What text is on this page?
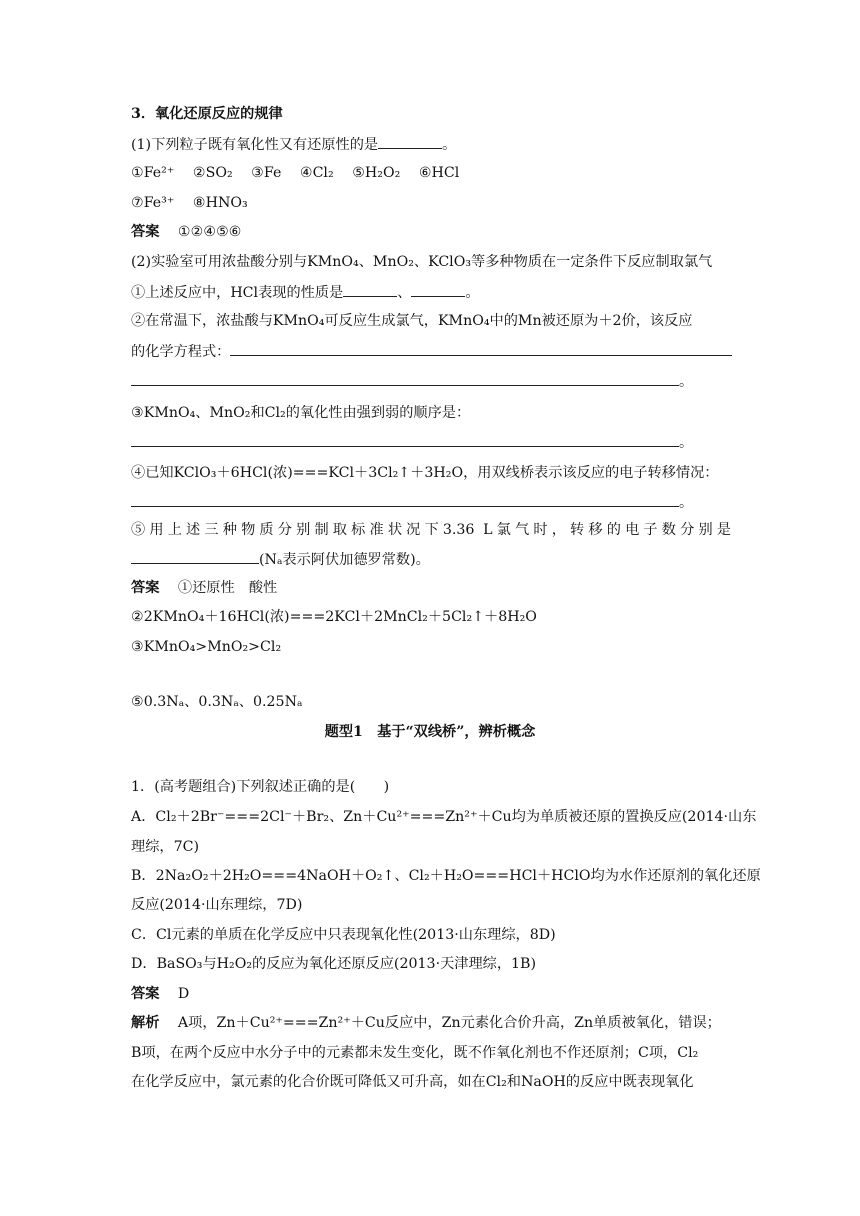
3．氧化还原反应的规律
(1)下列粒子既有氧化性又有还原性的是	。
①Fe²⁺ ②SO₂ ③Fe ④Cl₂ ⑤H₂O₂ ⑥HCl
⑦Fe³⁺ ⑧HNO₃
答案 ①②④⑤⑥
(2)实验室可用浓盐酸分别与KMnO₄、MnO₂、KClO₃等多种物质在一定条件下反应制取氯气
①上述反应中，HCl表现的性质是	、	。
②在常温下，浓盐酸与KMnO₄可反应生成氯气，KMnO₄中的Mn被还原为＋2价，该反应
的化学方程式：
。
③KMnO₄、MnO₂和Cl₂的氧化性由强到弱的顺序是：
。
④已知KClO₃＋6HCl(浓)===KCl＋3Cl₂↑＋3H₂O，用双线桥表示该反应的电子转移情况：
。
⑤用上述三种物质分别制取标准状况下3.36 L氯气时，转移的电子数分别是
(Nₐ表示阿伏加德罗常数)。
答案 ①还原性　酸性
②2KMnO₄＋16HCl(浓)===2KCl＋2MnCl₂＋5Cl₂↑＋8H₂O
③KMnO₄>MnO₂>Cl₂
⑤0.3Nₐ、0.3Nₐ、0.25Nₐ
题型1　基于“双线桥”，辨析概念
1．(高考题组合)下列叙述正确的是(　　)
A．Cl₂＋2Br⁻===2Cl⁻＋Br₂、Zn＋Cu²⁺===Zn²⁺＋Cu均为单质被还原的置换反应(2014·山东
理综，7C)
B．2Na₂O₂＋2H₂O===4NaOH＋O₂↑、Cl₂＋H₂O===HCl＋HClO均为水作还原剂的氧化还原
反应(2014·山东理综，7D)
C．Cl元素的单质在化学反应中只表现氧化性(2013·山东理综，8D)
D．BaSO₃与H₂O₂的反应为氧化还原反应(2013·天津理综，1B)
答案 D
解析 A项，Zn＋Cu²⁺===Zn²⁺＋Cu反应中，Zn元素化合价升高，Zn单质被氧化，错误；
B项，在两个反应中水分子中的元素都未发生变化，既不作氧化剂也不作还原剂；C项，Cl₂
在化学反应中，氯元素的化合价既可降低又可升高，如在Cl₂和NaOH的反应中既表现氧化
